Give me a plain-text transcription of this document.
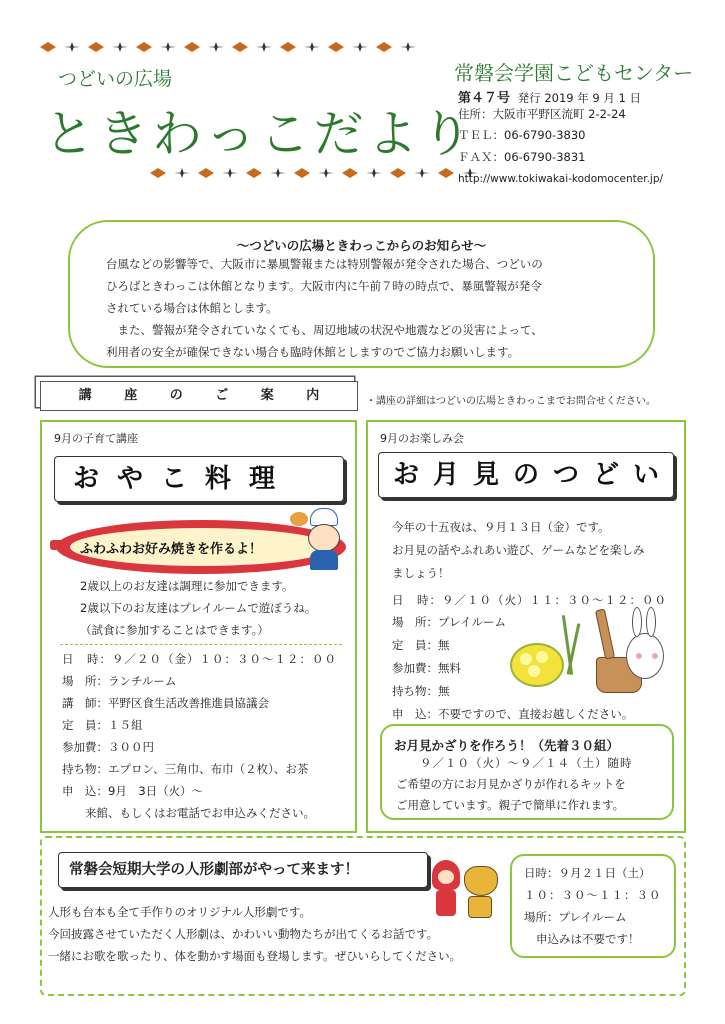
つどいの広場
ときわっこだより
常磐会学園こどもセンター
第４７号 発行 2019 年 9 月 1 日
住所：大阪市平野区流町 2-2-24
ＴＥＬ：06-6790-3830
ＦＡＸ：06-6790-3831
http://www.tokiwakai-kodomocenter.jp/
～つどいの広場ときわっこからのお知らせ～
台風などの影響等で、大阪市に暴風警報または特別警報が発令された場合、つどいの
ひろばときわっこは休館となります。大阪市内に午前７時の時点で、暴風警報が発令
されている場合は休館とします。
　また、警報が発令されていなくても、周辺地域の状況や地震などの災害によって、
利用者の安全が確保できない場合も臨時休館としますのでご協力お願いします。
講 座 の ご 案 内	・講座の詳細はつどいの広場ときわっこまでお問合せください。
9月の子育て講座
おやこ料理
ふわふわお好み焼きを作るよ！
2歳以上のお友達は調理に参加できます。
2歳以下のお友達はプレイルームで遊ぼうね。
（試食に参加することはできます。）
日　時：９／２０（金）１０：３０～１２：００
場　所：ランチルーム
講　師：平野区食生活改善推進員協議会
定　員：１５組
参加費：３００円
持ち物：エプロン、三角巾、布巾（２枚）、お茶
申　込：9月　3日（火）～
　　来館、もしくはお電話でお申込みください。
9月のお楽しみ会
お月見のつどい
今年の十五夜は、９月１３日（金）です。
お月見の話やふれあい遊び、ゲームなどを楽しみ
ましょう！
日　時：９／１０（火）１１：３０～１２：００
場　所：プレイルーム
定　員：無
参加費：無料
持ち物：無
申　込：不要ですので、直接お越しください。
お月見かざりを作ろう！（先着３０組）
９／１０（火）～９／１４（土）随時
ご希望の方にお月見かざりが作れるキットを
ご用意しています。親子で簡単に作れます。
常磐会短期大学の人形劇部がやって来ます！
人形も台本も全て手作りのオリジナル人形劇です。
今回披露させていただく人形劇は、かわいい動物たちが出てくるお話です。
一緒にお歌を歌ったり、体を動かす場面も登場します。ぜひいらしてください。
日時：９月２１日（土）
１０：３０～１１：３０
場所：プレイルーム
申込みは不要です！
